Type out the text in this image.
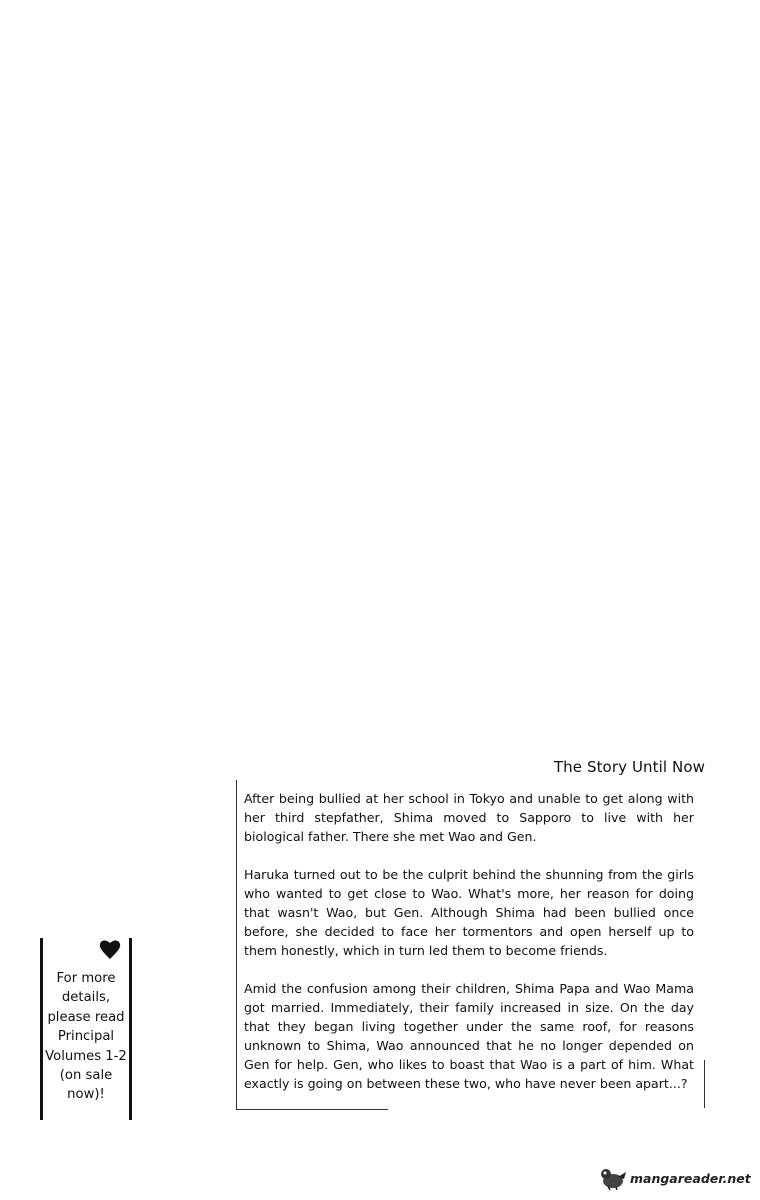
The Story Until Now

After being bullied at her school in Tokyo and unable to get along with her third stepfather, Shima moved to Sapporo to live with her biological father. There she met Wao and Gen.

Haruka turned out to be the culprit behind the shunning from the girls who wanted to get close to Wao. What's more, her reason for doing that wasn't Wao, but Gen. Although Shima had been bullied once before, she decided to face her tormentors and open herself up to them honestly, which in turn led them to become friends.

Amid the confusion among their children, Shima Papa and Wao Mama got married. Immediately, their family increased in size. On the day that they began living together under the same roof, for reasons unknown to Shima, Wao announced that he no longer depended on Gen for help. Gen, who likes to boast that Wao is a part of him. What exactly is going on between these two, who have never been apart...?

For more
details,
please read
Principal
Volumes 1-2
(on sale
now)!
mangareader.net
